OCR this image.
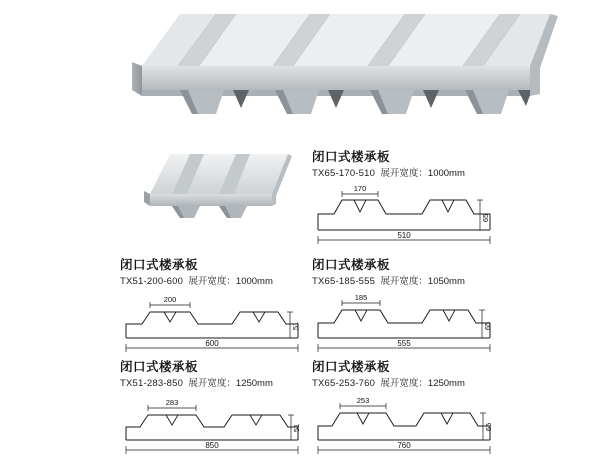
闭口式楼承板

TX65-170-510 展开宽度：1000mm

170
65
510

闭口式楼承板

TX51-200-600 展开宽度：1000mm

200
51
600

闭口式楼承板

TX65-185-555 展开宽度：1050mm

185
65
555

闭口式楼承板

TX51-283-850 展开宽度：1250mm

283
51
850

闭口式楼承板

TX65-253-760 展开宽度：1250mm

253
65
760
